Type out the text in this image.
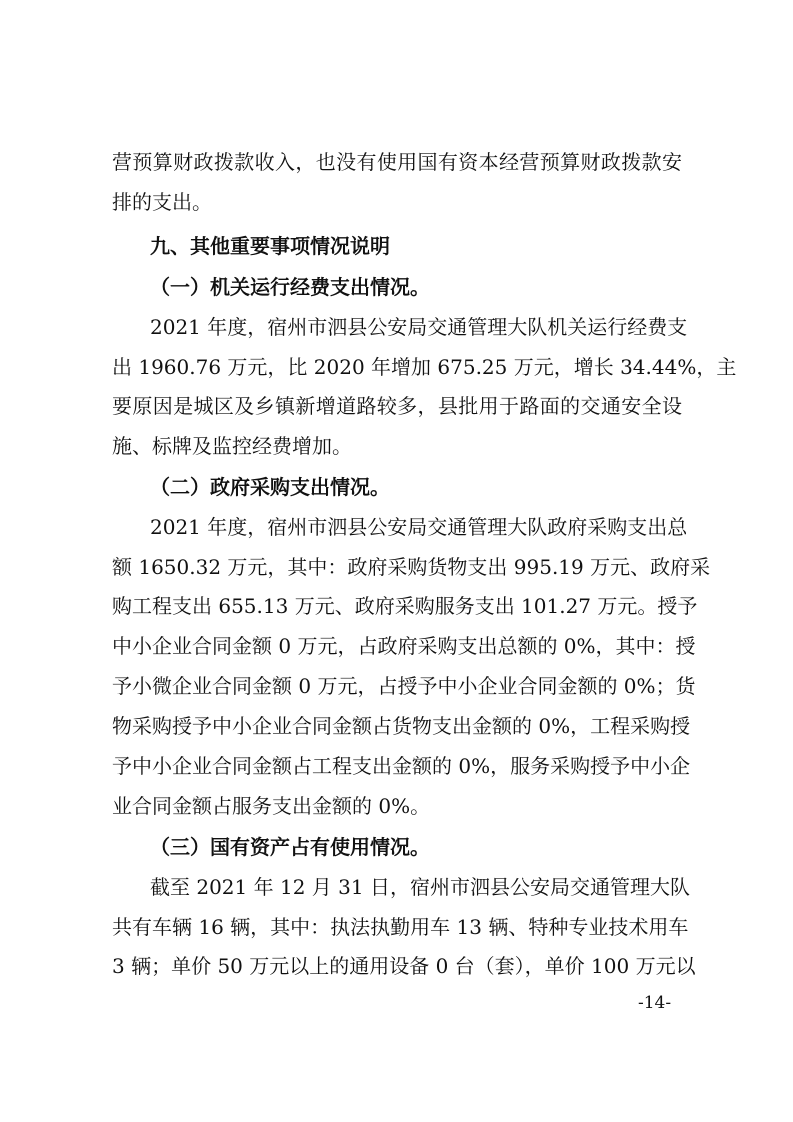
营预算财政拨款收入，也没有使用国有资本经营预算财政拨款安
排的支出。
九、其他重要事项情况说明
（一）机关运行经费支出情况。
2021 年度，宿州市泗县公安局交通管理大队机关运行经费支
出 1960.76 万元，比 2020 年增加 675.25 万元，增长 34.44%，主
要原因是城区及乡镇新增道路较多，县批用于路面的交通安全设
施、标牌及监控经费增加。
（二）政府采购支出情况。
2021 年度，宿州市泗县公安局交通管理大队政府采购支出总
额 1650.32 万元，其中：政府采购货物支出 995.19 万元、政府采
购工程支出 655.13 万元、政府采购服务支出 101.27 万元。授予
中小企业合同金额 0 万元，占政府采购支出总额的 0%，其中：授
予小微企业合同金额 0 万元，占授予中小企业合同金额的 0%；货
物采购授予中小企业合同金额占货物支出金额的 0%，工程采购授
予中小企业合同金额占工程支出金额的 0%，服务采购授予中小企
业合同金额占服务支出金额的 0%。
（三）国有资产占有使用情况。
截至 2021 年 12 月 31 日，宿州市泗县公安局交通管理大队
共有车辆 16 辆，其中：执法执勤用车 13 辆、特种专业技术用车
3 辆；单价 50 万元以上的通用设备 0 台（套），单价 100 万元以
-14-
